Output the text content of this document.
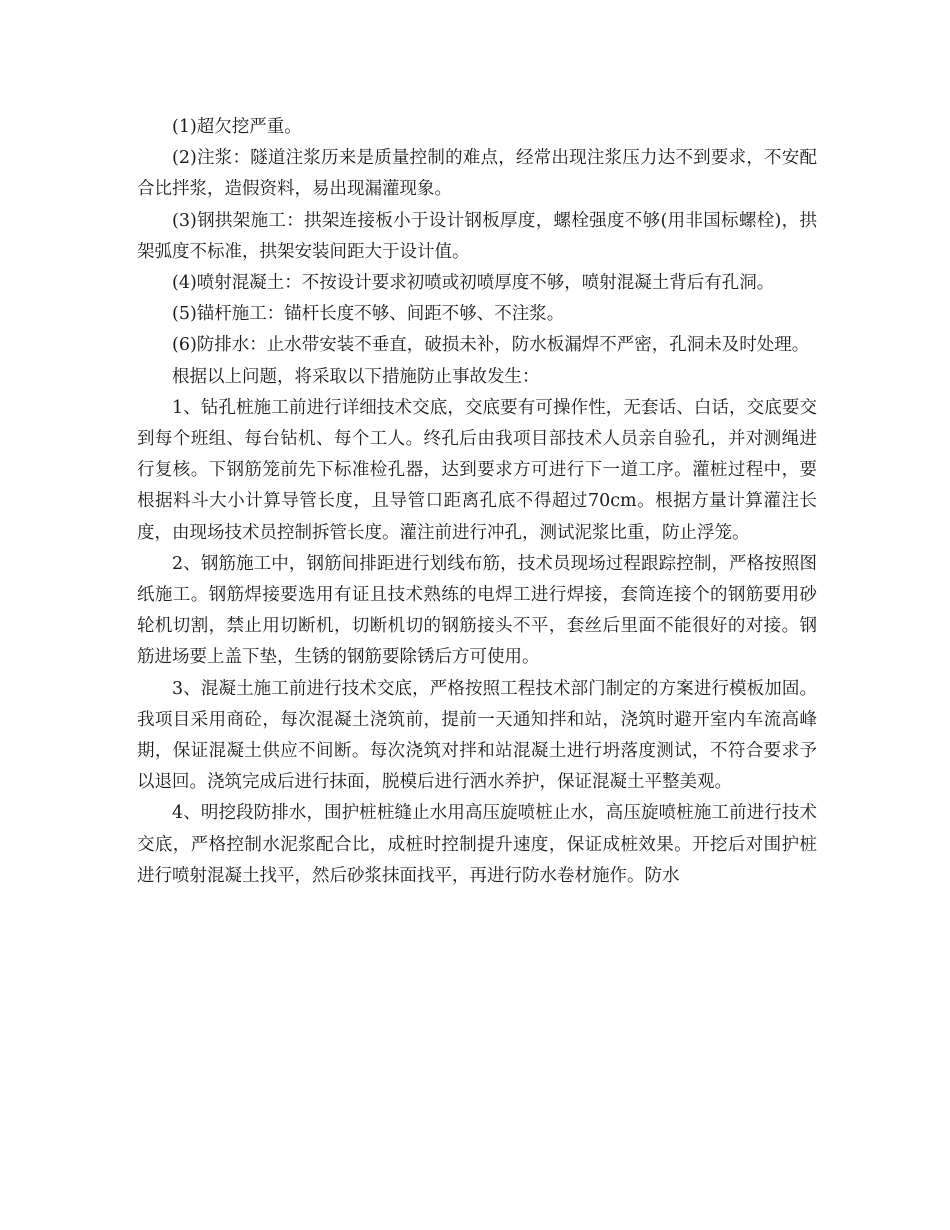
(1)超欠挖严重。

(2)注浆：隧道注浆历来是质量控制的难点，经常出现注浆压力达不到要求，不安配合比拌浆，造假资料，易出现漏灌现象。

(3)钢拱架施工：拱架连接板小于设计钢板厚度，螺栓强度不够(用非国标螺栓)，拱架弧度不标准，拱架安装间距大于设计值。

(4)喷射混凝土：不按设计要求初喷或初喷厚度不够，喷射混凝土背后有孔洞。

(5)锚杆施工：锚杆长度不够、间距不够、不注浆。

(6)防排水：止水带安装不垂直，破损未补，防水板漏焊不严密，孔洞未及时处理。

根据以上问题，将采取以下措施防止事故发生：

1、钻孔桩施工前进行详细技术交底，交底要有可操作性，无套话、白话，交底要交到每个班组、每台钻机、每个工人。终孔后由我项目部技术人员亲自验孔，并对测绳进行复核。下钢筋笼前先下标准检孔器，达到要求方可进行下一道工序。灌桩过程中，要根据料斗大小计算导管长度，且导管口距离孔底不得超过70cm。根据方量计算灌注长度，由现场技术员控制拆管长度。灌注前进行冲孔，测试泥浆比重，防止浮笼。

2、钢筋施工中，钢筋间排距进行划线布筋，技术员现场过程跟踪控制，严格按照图纸施工。钢筋焊接要选用有证且技术熟练的电焊工进行焊接，套筒连接个的钢筋要用砂轮机切割，禁止用切断机，切断机切的钢筋接头不平，套丝后里面不能很好的对接。钢筋进场要上盖下垫，生锈的钢筋要除锈后方可使用。

3、混凝土施工前进行技术交底，严格按照工程技术部门制定的方案进行模板加固。我项目采用商砼，每次混凝土浇筑前，提前一天通知拌和站，浇筑时避开室内车流高峰期，保证混凝土供应不间断。每次浇筑对拌和站混凝土进行坍落度测试，不符合要求予以退回。浇筑完成后进行抹面，脱模后进行洒水养护，保证混凝土平整美观。

4、明挖段防排水，围护桩桩缝止水用高压旋喷桩止水，高压旋喷桩施工前进行技术交底，严格控制水泥浆配合比，成桩时控制提升速度，保证成桩效果。开挖后对围护桩进行喷射混凝土找平，然后砂浆抹面找平，再进行防水卷材施作。防水
